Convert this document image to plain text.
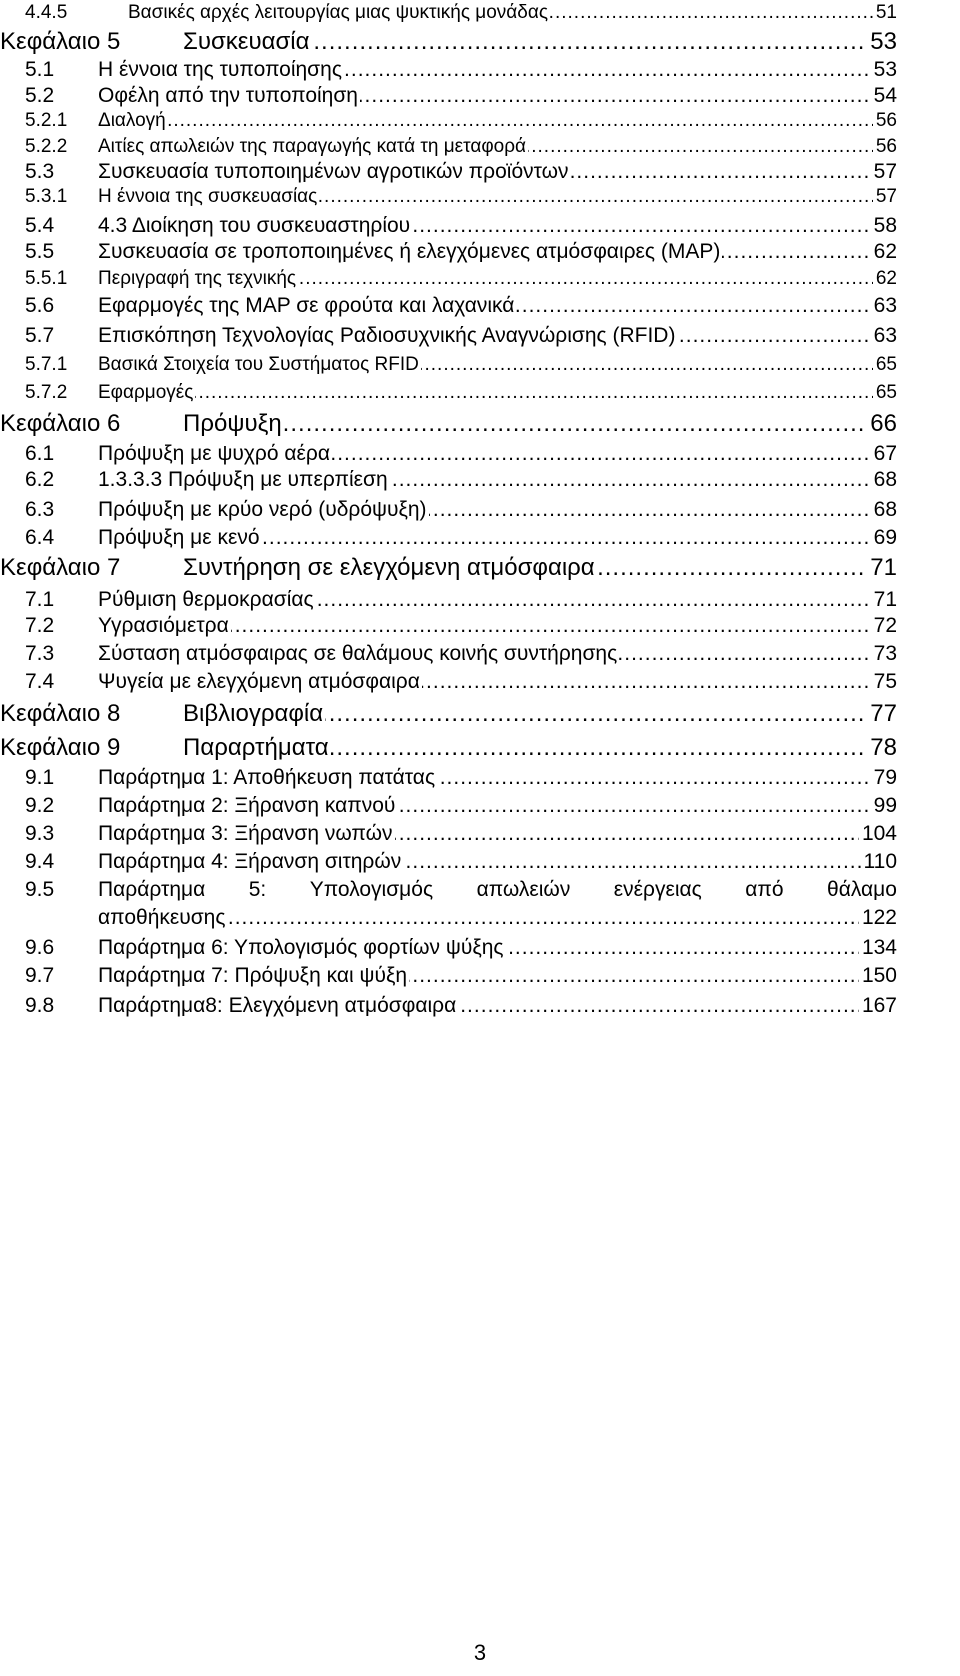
4.4.5	Βασικές αρχές λειτουργίας μιας ψυκτικής μονάδας .....	51
Κεφάλαιο 5	Συσκευασία .....	53
5.1 Η έννοια της τυποποίησης .....	53
5.2 Οφέλη από την τυποποίηση .....	54
5.2.1 Διαλογή .....	56
5.2.2 Αιτίες απωλειών της παραγωγής κατά τη μεταφορά .....	56
5.3 Συσκευασία τυποποιημένων αγροτικών προϊόντων .....	57
5.3.1 Η έννοια της συσκευασίας .....	57
5.4 4.3 Διοίκηση του συσκευαστηρίου .....	58
5.5 Συσκευασία σε τροποποιημένες ή ελεγχόμενες ατμόσφαιρες (MAP) .....	62
5.5.1 Περιγραφή της τεχνικής .....	62
5.6 Εφαρμογές της MAP σε φρούτα και λαχανικά .....	63
5.7 Επισκόπηση Τεχνολογίας Ραδιοσυχνικής Αναγνώρισης (RFID) .....	63
5.7.1 Βασικά Στοιχεία του Συστήματος RFID .....	65
5.7.2 Εφαρμογές .....	65
Κεφάλαιο 6	Πρόψυξη .....	66
6.1 Πρόψυξη με ψυχρό αέρα .....	67
6.2 1.3.3.3 Πρόψυξη με υπερπίεση .....	68
6.3 Πρόψυξη με κρύο νερό (υδρόψυξη) .....	68
6.4 Πρόψυξη με κενό .....	69
Κεφάλαιο 7	Συντήρηση σε ελεγχόμενη ατμόσφαιρα .....	71
7.1 Ρύθμιση θερμοκρασίας .....	71
7.2 Υγρασιόμετρα .....	72
7.3 Σύσταση ατμόσφαιρας σε θαλάμους κοινής συντήρησης .....	73
7.4 Ψυγεία με ελεγχόμενη ατμόσφαιρα .....	75
Κεφάλαιο 8	Βιβλιογραφία .....	77
Κεφάλαιο 9	Παραρτήματα .....	78
9.1 Παράρτημα 1: Αποθήκευση πατάτας .....	79
9.2 Παράρτημα 2: Ξήρανση καπνού .....	99
9.3 Παράρτημα 3: Ξήρανση νωπών .....	104
9.4 Παράρτημα 4: Ξήρανση σιτηρών .....	110
9.5 Παράρτημα 5: Υπολογισμός απωλειών ενέργειας από θάλαμο
αποθήκευσης .....	122
9.6 Παράρτημα 6: Υπολογισμός φορτίων ψύξης .....	134
9.7 Παράρτημα 7: Πρόψυξη και ψύξη .....	150
9.8 Παράρτημα8: Ελεγχόμενη ατμόσφαιρα .....	167
3
